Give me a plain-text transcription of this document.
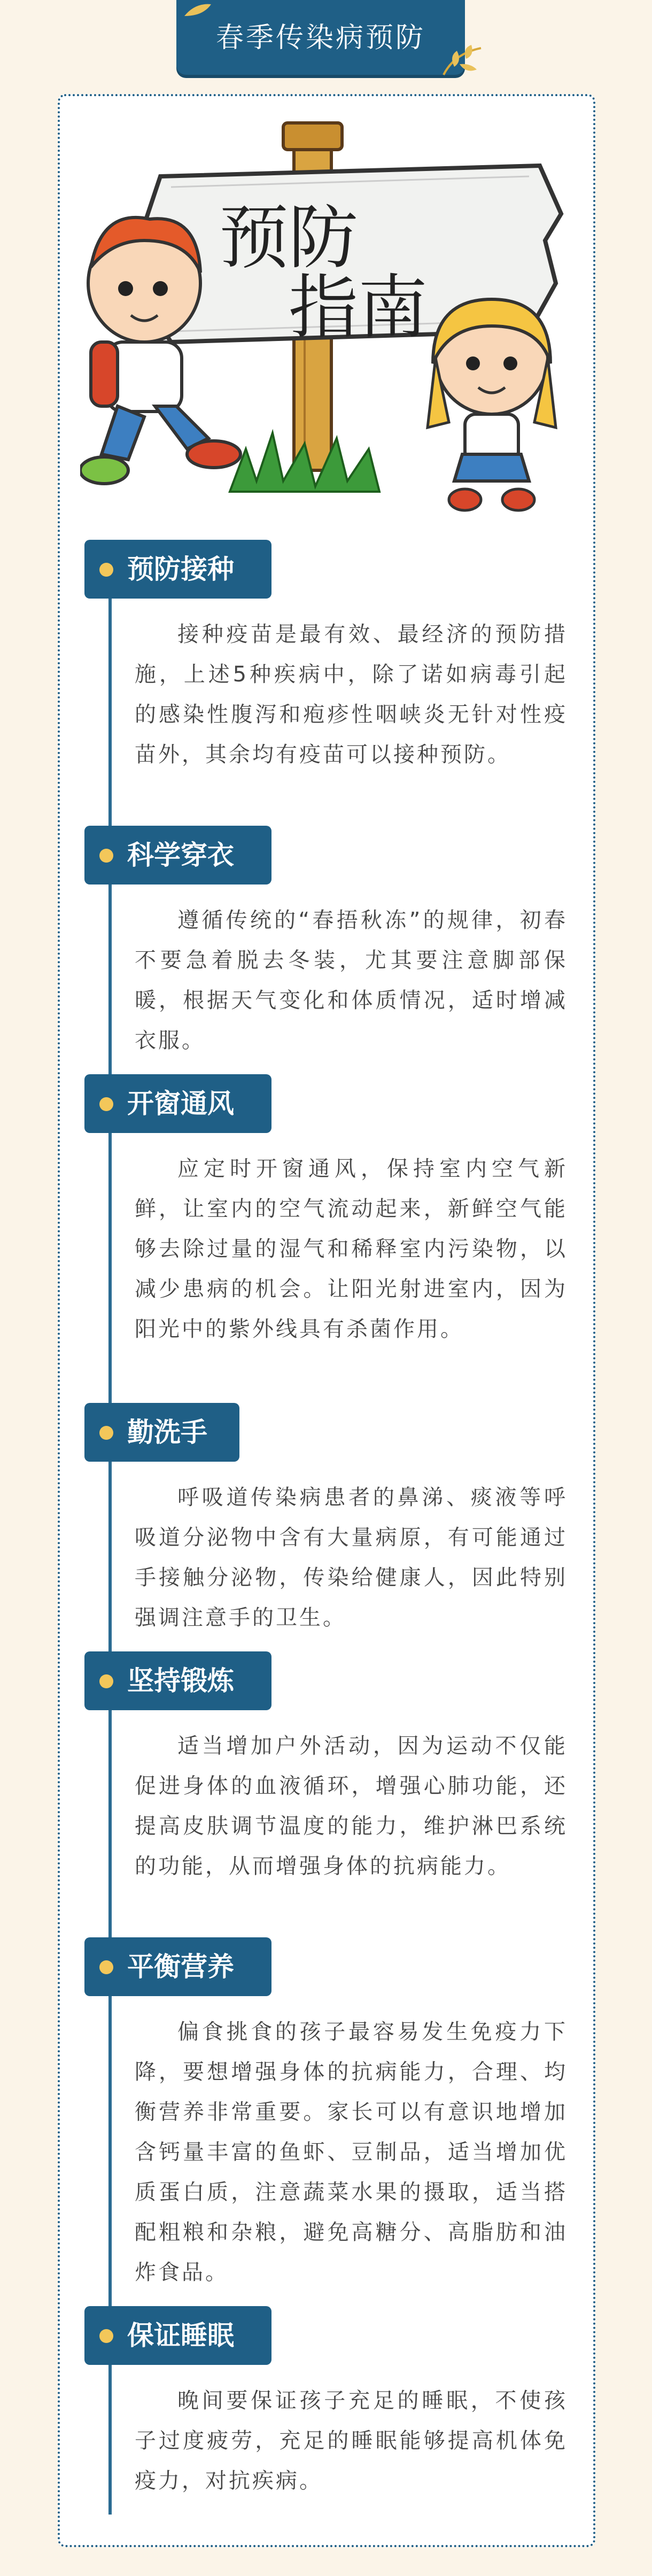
春季传染病预防
预防
指南
预防接种

接种疫苗是最有效、最经济的预防措施，上述5种疾病中，除了诺如病毒引起的感染性腹泻和疱疹性咽峡炎无针对性疫苗外，其余均有疫苗可以接种预防。

科学穿衣

遵循传统的“春捂秋冻”的规律，初春不要急着脱去冬装，尤其要注意脚部保暖，根据天气变化和体质情况，适时增减衣服。

开窗通风

应定时开窗通风，保持室内空气新鲜，让室内的空气流动起来，新鲜空气能够去除过量的湿气和稀释室内污染物，以减少患病的机会。让阳光射进室内，因为阳光中的紫外线具有杀菌作用。

勤洗手

呼吸道传染病患者的鼻涕、痰液等呼吸道分泌物中含有大量病原，有可能通过手接触分泌物，传染给健康人，因此特别强调注意手的卫生。

坚持锻炼

适当增加户外活动，因为运动不仅能促进身体的血液循环，增强心肺功能，还提高皮肤调节温度的能力，维护淋巴系统的功能，从而增强身体的抗病能力。

平衡营养

偏食挑食的孩子最容易发生免疫力下降，要想增强身体的抗病能力，合理、均衡营养非常重要。家长可以有意识地增加含钙量丰富的鱼虾、豆制品，适当增加优质蛋白质，注意蔬菜水果的摄取，适当搭配粗粮和杂粮，避免高糖分、高脂肪和油炸食品。

保证睡眠

晚间要保证孩子充足的睡眠，不使孩子过度疲劳，充足的睡眠能够提高机体免疫力，对抗疾病。
